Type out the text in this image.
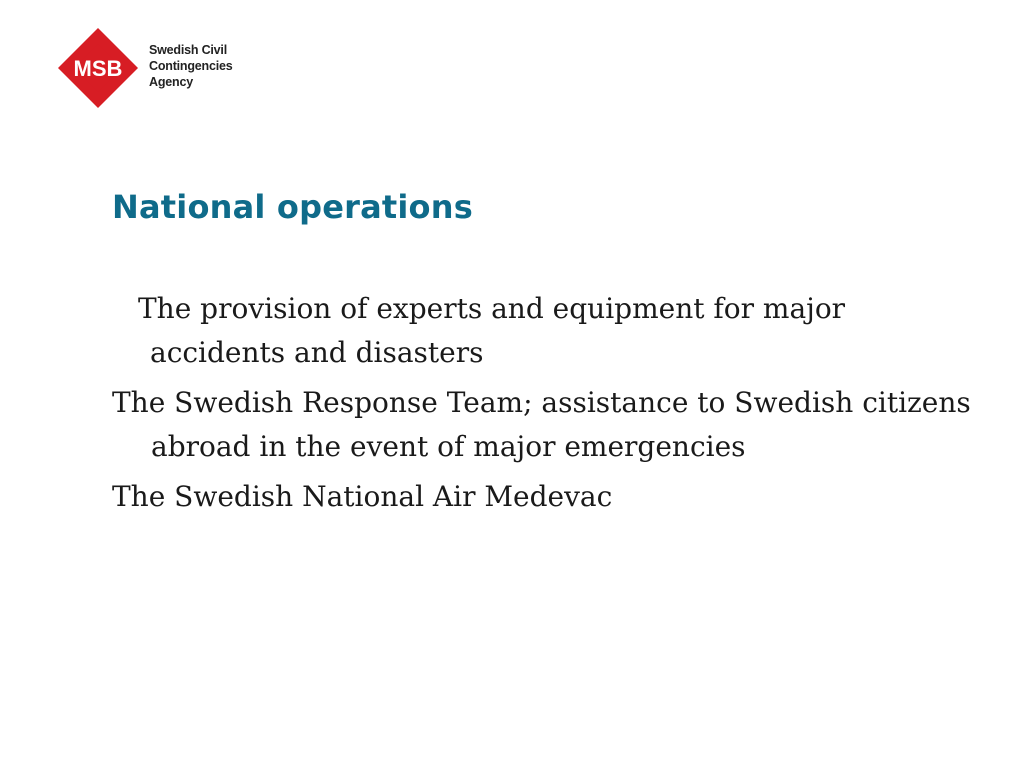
MSB
Swedish Civil
Contingencies
Agency
National operations

The provision of experts and equipment for major accidents and disasters

The Swedish Response Team; assistance to Swedish citizens abroad in the event of major emergencies

The Swedish National Air Medevac
